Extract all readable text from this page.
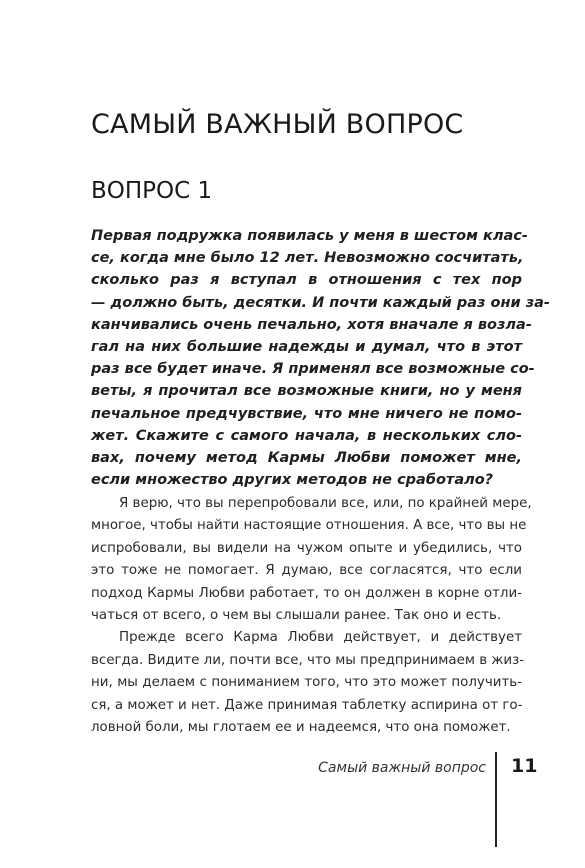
САМЫЙ ВАЖНЫЙ ВОПРОС
ВОПРОС 1
Первая подружка появилась у меня в шестом клас-
се, когда мне было 12 лет. Невозможно сосчитать,
сколько раз я вступал в отношения с тех пор
— должно быть, десятки. И почти каждый раз они за-
канчивались очень печально, хотя вначале я возла-
гал на них большие надежды и думал, что в этот
раз все будет иначе. Я применял все возможные со-
веты, я прочитал все возможные книги, но у меня
печальное предчувствие, что мне ничего не помо-
жет. Скажите с самого начала, в нескольких сло-
вах, почему метод Кармы Любви поможет мне,
если множество других методов не сработало?
Я верю, что вы перепробовали все, или, по крайней мере,
многое, чтобы найти настоящие отношения. А все, что вы не
испробовали, вы видели на чужом опыте и убедились, что
это тоже не помогает. Я думаю, все согласятся, что если
подход Кармы Любви работает, то он должен в корне отли-
чаться от всего, о чем вы слышали ранее. Так оно и есть.
Прежде всего Карма Любви действует, и действует
всегда. Видите ли, почти все, что мы предпринимаем в жиз-
ни, мы делаем с пониманием того, что это может получить-
ся, а может и нет. Даже принимая таблетку аспирина от го-
ловной боли, мы глотаем ее и надеемся, что она поможет.
Самый важный вопрос 11
